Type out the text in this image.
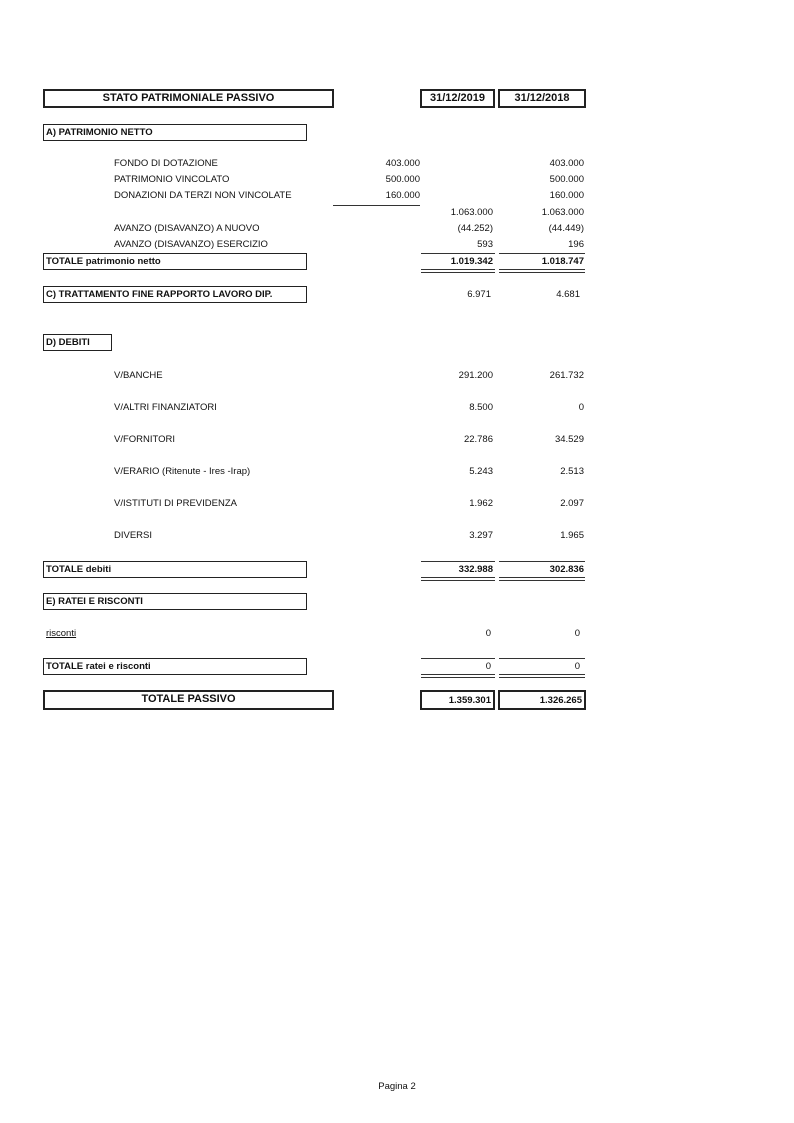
STATO PATRIMONIALE PASSIVO	31/12/2019	31/12/2018
A) PATRIMONIO NETTO
FONDO DI DOTAZIONE	403.000	403.000
PATRIMONIO VINCOLATO	500.000	500.000
DONAZIONI DA TERZI NON VINCOLATE	160.000	160.000
1.063.000	1.063.000
AVANZO (DISAVANZO) A NUOVO	(44.252)	(44.449)
AVANZO (DISAVANZO) ESERCIZIO	593	196
TOTALE patrimonio netto	1.019.342	1.018.747
C) TRATTAMENTO FINE RAPPORTO LAVORO DIP.	6.971	4.681
D) DEBITI
V/BANCHE	291.200	261.732
V/ALTRI FINANZIATORI	8.500	0
V/FORNITORI	22.786	34.529
V/ERARIO (Ritenute - Ires -Irap)	5.243	2.513
V/ISTITUTI DI PREVIDENZA	1.962	2.097
DIVERSI	3.297	1.965
TOTALE debiti	332.988	302.836
E) RATEI E RISCONTI
risconti	0	0
TOTALE ratei e risconti	0	0
TOTALE PASSIVO	1.359.301	1.326.265
Pagina 2
